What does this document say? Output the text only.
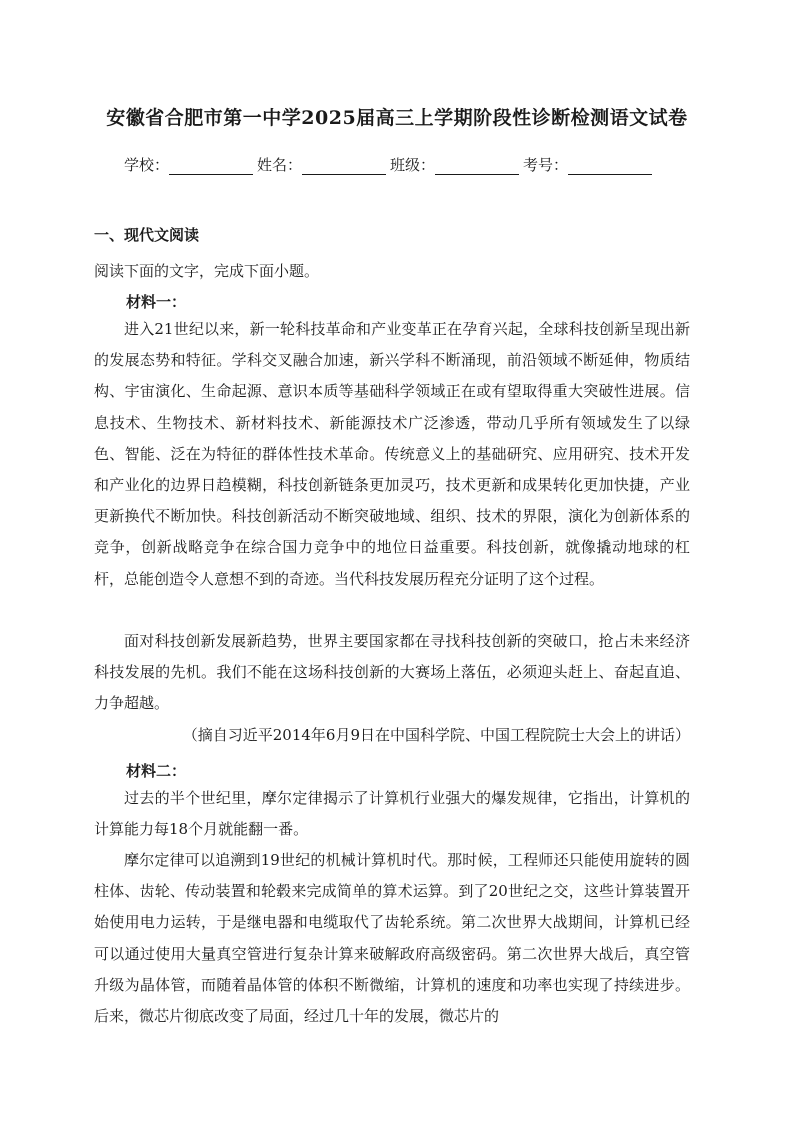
安徽省合肥市第一中学2025届高三上学期阶段性诊断检测语文试卷
学校：	姓名：	班级：	考号：
一、现代文阅读
阅读下面的文字，完成下面小题。
材料一：
进入21世纪以来，新一轮科技革命和产业变革正在孕育兴起，全球科技创新呈现出新的发展态势和特征。学科交叉融合加速，新兴学科不断涌现，前沿领域不断延伸，物质结构、宇宙演化、生命起源、意识本质等基础科学领域正在或有望取得重大突破性进展。信息技术、生物技术、新材料技术、新能源技术广泛渗透，带动几乎所有领域发生了以绿色、智能、泛在为特征的群体性技术革命。传统意义上的基础研究、应用研究、技术开发和产业化的边界日趋模糊，科技创新链条更加灵巧，技术更新和成果转化更加快捷，产业更新换代不断加快。科技创新活动不断突破地域、组织、技术的界限，演化为创新体系的竞争，创新战略竞争在综合国力竞争中的地位日益重要。科技创新，就像撬动地球的杠杆，总能创造令人意想不到的奇迹。当代科技发展历程充分证明了这个过程。
面对科技创新发展新趋势，世界主要国家都在寻找科技创新的突破口，抢占未来经济科技发展的先机。我们不能在这场科技创新的大赛场上落伍，必须迎头赶上、奋起直追、力争超越。
（摘自习近平2014年6月9日在中国科学院、中国工程院院士大会上的讲话）
材料二：
过去的半个世纪里，摩尔定律揭示了计算机行业强大的爆发规律，它指出，计算机的计算能力每18个月就能翻一番。
摩尔定律可以追溯到19世纪的机械计算机时代。那时候，工程师还只能使用旋转的圆柱体、齿轮、传动装置和轮毂来完成简单的算术运算。到了20世纪之交，这些计算装置开始使用电力运转，于是继电器和电缆取代了齿轮系统。第二次世界大战期间，计算机已经可以通过使用大量真空管进行复杂计算来破解政府高级密码。第二次世界大战后，真空管升级为晶体管，而随着晶体管的体积不断微缩，计算机的速度和功率也实现了持续进步。后来，微芯片彻底改变了局面，经过几十年的发展，微芯片的
